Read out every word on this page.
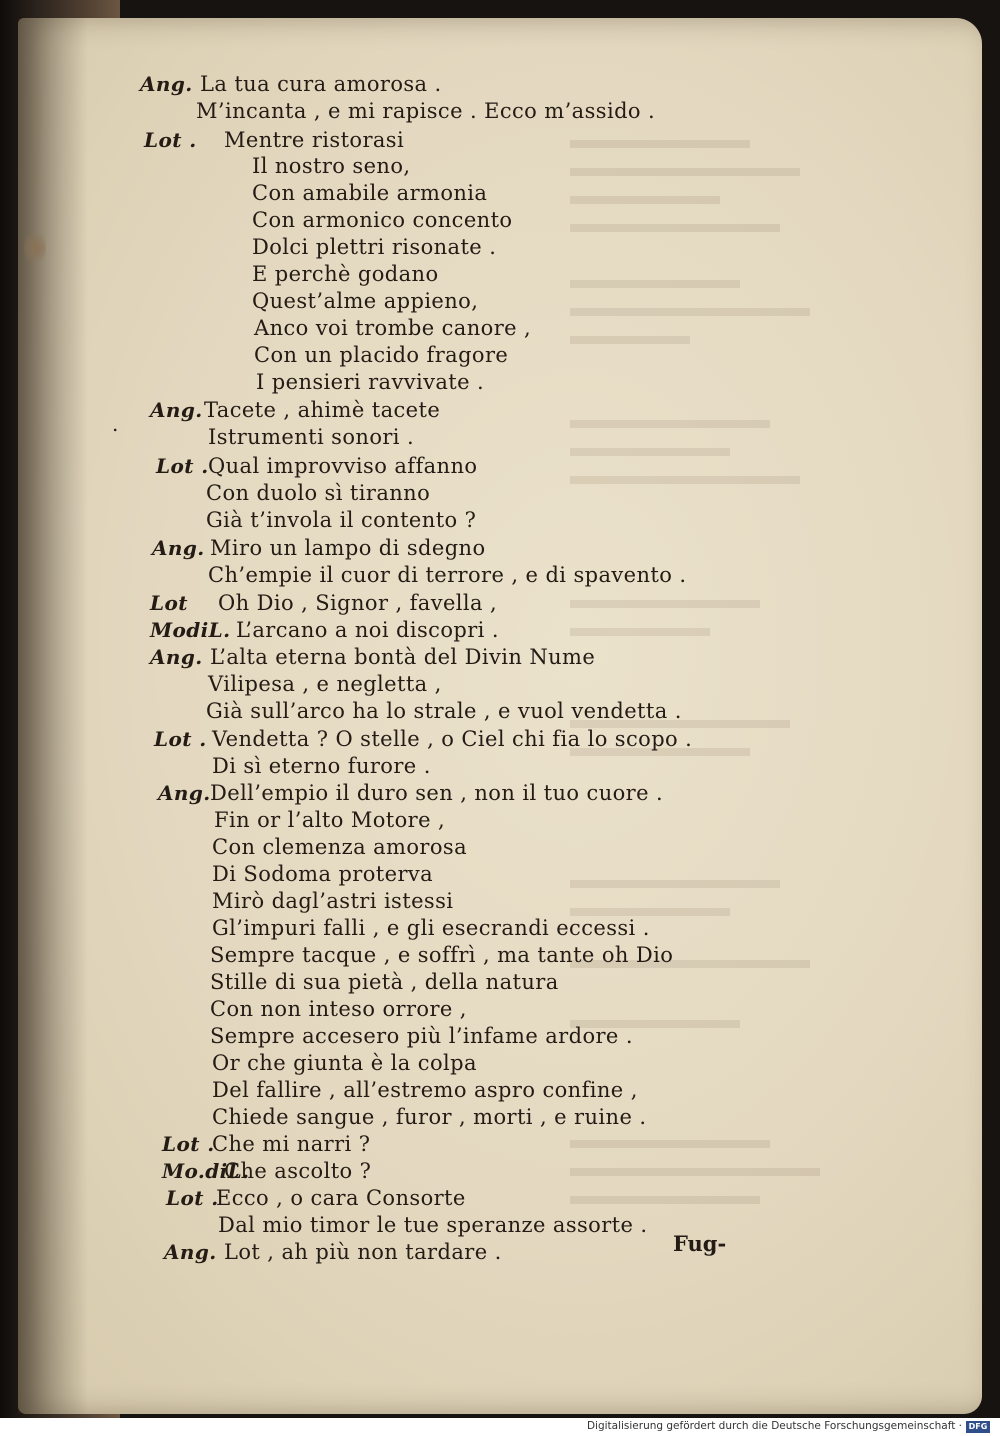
Ang. La tua cura amorosa .
M’incanta , e mi rapisce . Ecco m’assido .
Lot . Mentre ristorasi
Il nostro seno,
Con amabile armonia
Con armonico concento
Dolci plettri risonate .
E perchè godano
Quest’alme appieno,
Anco voi trombe canore ,
Con un placido fragore
I pensieri ravvivate .
Ang. Tacete , ahimè tacete
Istrumenti sonori .
Lot . Qual improvviso affanno
Con duolo sì tiranno
Già t’invola il contento ?
Ang. Miro un lampo di sdegno
Ch’empie il cuor di terrore , e di spavento .
Lot Oh Dio , Signor , favella ,
ModiL. L’arcano a noi discopri .
Ang. L’alta eterna bontà del Divin Nume
Vilipesa , e negletta ,
Già sull’arco ha lo strale , e vuol vendetta .
Lot . Vendetta ? O stelle , o Ciel chi fia lo scopo .
Di sì eterno furore .
Ang. Dell’empio il duro sen , non il tuo cuore .
Fin or l’alto Motore ,
Con clemenza amorosa
Di Sodoma proterva
Mirò dagl’astri istessi
Gl’impuri falli , e gli esecrandi eccessi .
Sempre tacque , e soffrì , ma tante oh Dio
Stille di sua pietà , della natura
Con non inteso orrore ,
Sempre accesero più l’infame ardore .
Or che giunta è la colpa
Del fallire , all’estremo aspro confine ,
Chiede sangue , furor , morti , e ruine .
Lot .
Che mi narri ?
Mo.diL.
Che ascolto ?
Lot .
Ecco , o cara Consorte
Dal mio timor le tue speranze assorte .
Ang. Lot , ah più non tardare .
.
Fug-
Digitalisierung gefördert durch die Deutsche Forschungsgemeinschaft · DFG
